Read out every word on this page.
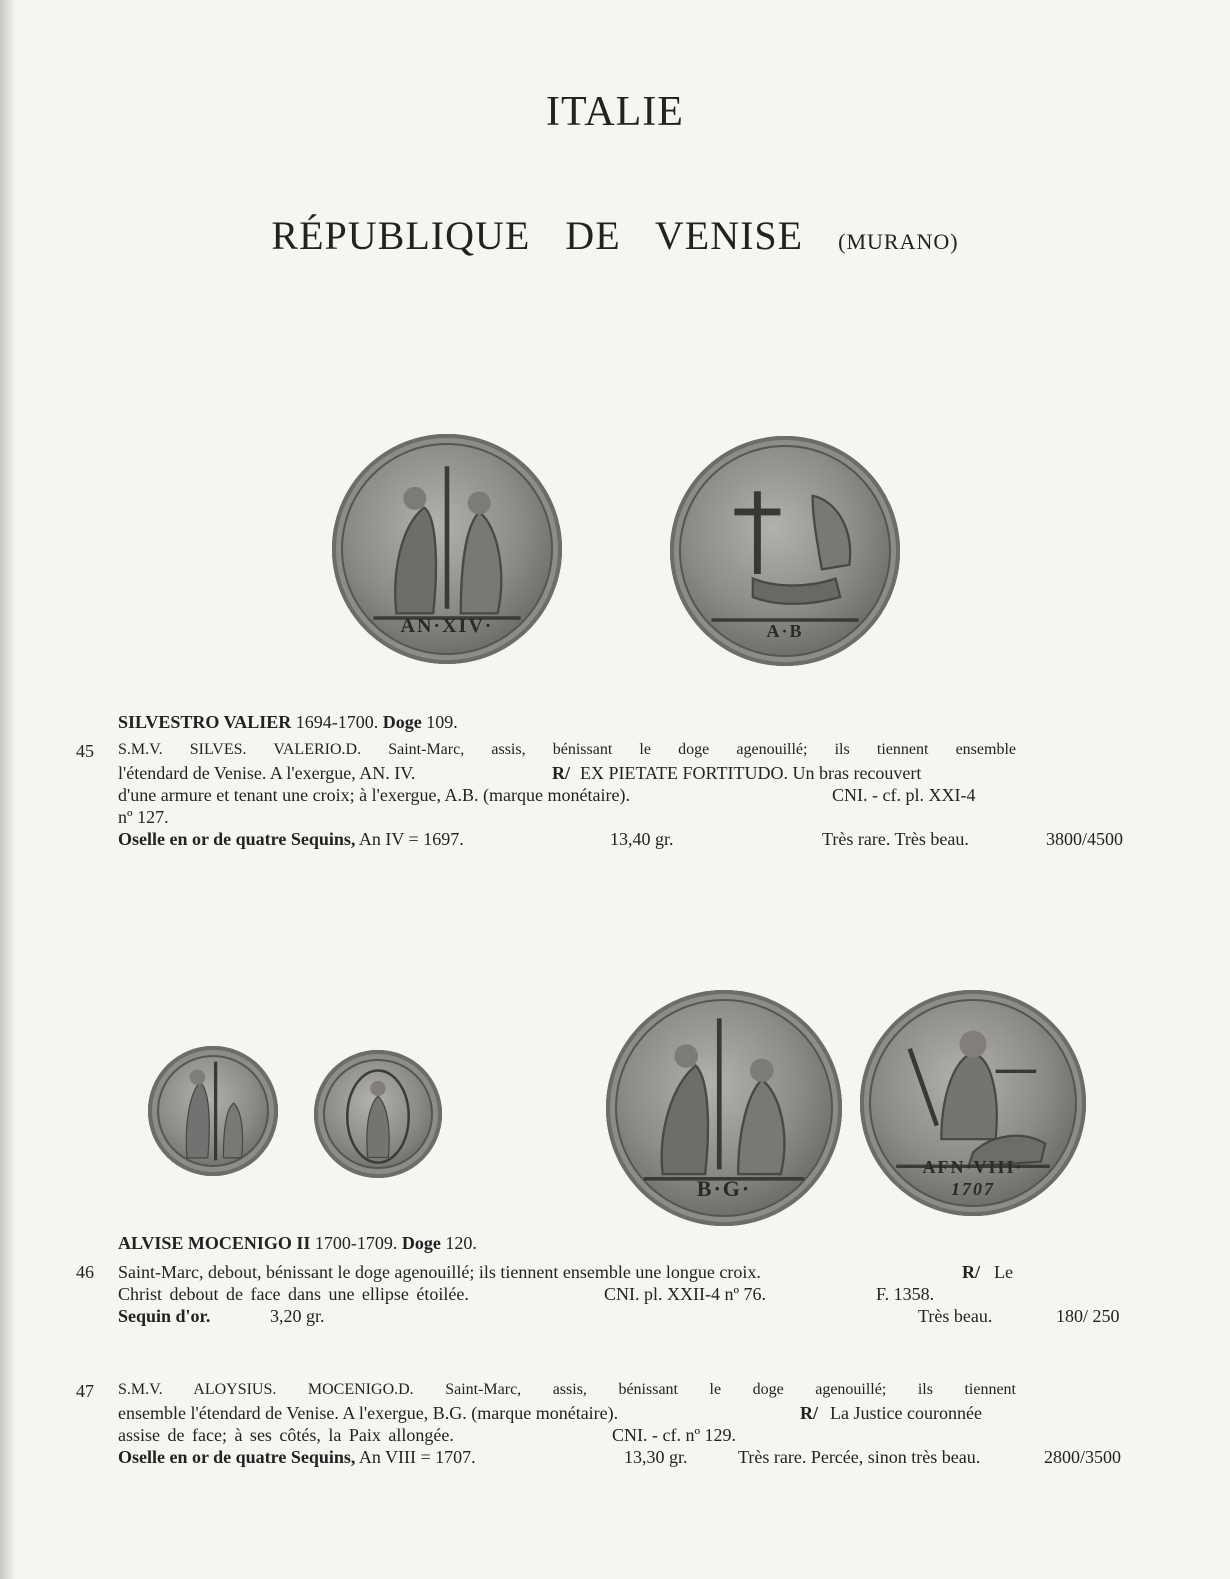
ITALIE
RÉPUBLIQUE DE VENISE (MURANO)
AN·XIV·	A·B
SILVESTRO VALIER 1694-1700. Doge 109.
45 S.M.V. SILVES. VALERIO.D. Saint-Marc, assis, bénissant le doge agenouillé; ils tiennent ensemble
l'étendard de Venise. A l'exergue, AN. IV.	R/ EX PIETATE FORTITUDO. Un bras recouvert
d'une armure et tenant une croix; à l'exergue, A.B. (marque monétaire).	CNI. - cf. pl. XXI-4
nº 127.
Oselle en or de quatre Sequins, An IV = 1697.	13,40 gr.	Très rare. Très beau.	3800/4500
B·G·
AFN·VIII·
1707
ALVISE MOCENIGO II 1700-1709. Doge 120.
46 Saint-Marc, debout, bénissant le doge agenouillé; ils tiennent ensemble une longue croix.	R/ Le
Christ debout de face dans une ellipse étoilée.	CNI. pl. XXII-4 nº 76.	F. 1358.
Sequin d'or.	3,20 gr.	Très beau.	180/ 250
47 S.M.V. ALOYSIUS. MOCENIGO.D. Saint-Marc, assis, bénissant le doge agenouillé; ils tiennent
ensemble l'étendard de Venise. A l'exergue, B.G. (marque monétaire).	R/ La Justice couronnée
assise de face; à ses côtés, la Paix allongée.	CNI. - cf. nº 129.
Oselle en or de quatre Sequins, An VIII = 1707.	13,30 gr.	Très rare. Percée, sinon très beau.	2800/3500
